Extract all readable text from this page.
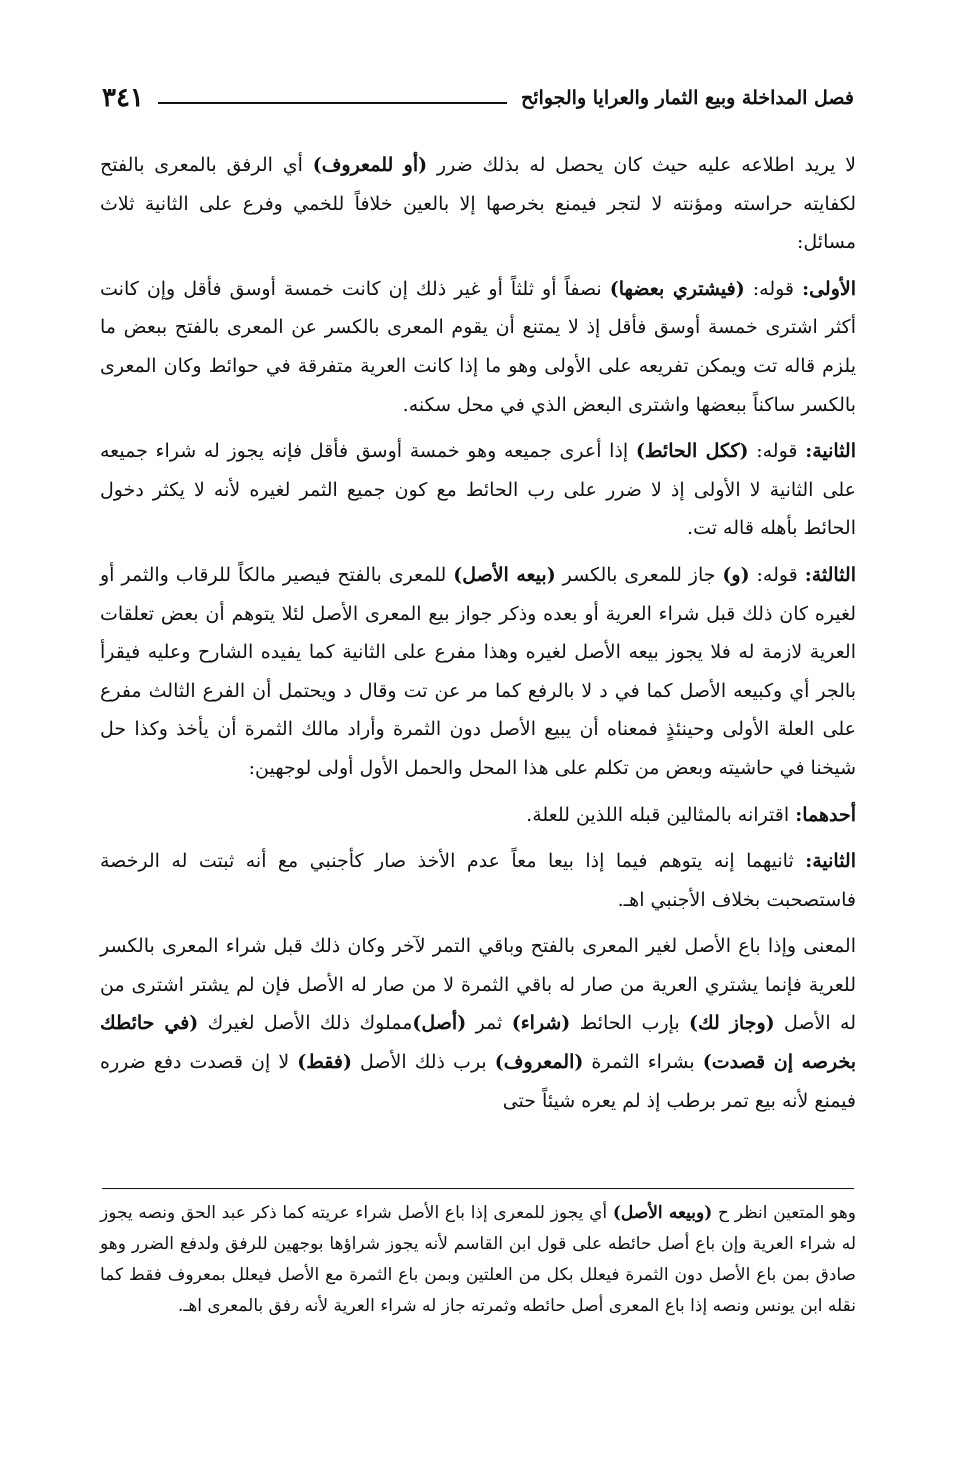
فصل المداخلة وبيع الثمار والعرايا والجوائح
٣٤١

لا يريد اطلاعه عليه حيث كان يحصل له بذلك ضرر (أو للمعروف) أي الرفق بالمعرى بالفتح لكفايته حراسته ومؤنته لا لتجر فيمنع بخرصها إلا بالعين خلافاً للخمي وفرع على الثانية ثلاث مسائل:

الأولى: قوله: (فيشتري بعضها) نصفاً أو ثلثاً أو غير ذلك إن كانت خمسة أوسق فأقل وإن كانت أكثر اشترى خمسة أوسق فأقل إذ لا يمتنع أن يقوم المعرى بالكسر عن المعرى بالفتح ببعض ما يلزم قاله تت ويمكن تفريعه على الأولى وهو ما إذا كانت العرية متفرقة في حوائط وكان المعرى بالكسر ساكناً ببعضها واشترى البعض الذي في محل سكنه.

الثانية: قوله: (ككل الحائط) إذا أعرى جميعه وهو خمسة أوسق فأقل فإنه يجوز له شراء جميعه على الثانية لا الأولى إذ لا ضرر على رب الحائط مع كون جميع الثمر لغيره لأنه لا يكثر دخول الحائط بأهله قاله تت.

الثالثة: قوله: (و) جاز للمعرى بالكسر (بيعه الأصل) للمعرى بالفتح فيصير مالكاً للرقاب والثمر أو لغيره كان ذلك قبل شراء العرية أو بعده وذكر جواز بيع المعرى الأصل لئلا يتوهم أن بعض تعلقات العرية لازمة له فلا يجوز بيعه الأصل لغيره وهذا مفرع على الثانية كما يفيده الشارح وعليه فيقرأ بالجر أي وكبيعه الأصل كما في د لا بالرفع كما مر عن تت وقال د ويحتمل أن الفرع الثالث مفرع على العلة الأولى وحينئذٍ فمعناه أن يبيع الأصل دون الثمرة وأراد مالك الثمرة أن يأخذ وكذا حل شيخنا في حاشيته وبعض من تكلم على هذا المحل والحمل الأول أولى لوجهين:

أحدهما: اقترانه بالمثالين قبله اللذين للعلة.

الثانية: ثانيهما إنه يتوهم فيما إذا بيعا معاً عدم الأخذ صار كأجنبي مع أنه ثبتت له الرخصة فاستصحبت بخلاف الأجنبي اهـ.

المعنى وإذا باع الأصل لغير المعرى بالفتح وباقي التمر لآخر وكان ذلك قبل شراء المعرى بالكسر للعرية فإنما يشتري العرية من صار له باقي الثمرة لا من صار له الأصل فإن لم يشتر اشترى من له الأصل (وجاز لك) بإرب الحائط (شراء) ثمر (أصل)مملوك ذلك الأصل لغيرك (في حائطك بخرصه إن قصدت) بشراء الثمرة (المعروف) برب ذلك الأصل (فقط) لا إن قصدت دفع ضرره فيمنع لأنه بيع تمر برطب إذ لم يعره شيئاً حتى

وهو المتعين انظر ح (وبيعه الأصل) أي يجوز للمعرى إذا باع الأصل شراء عريته كما ذكر عبد الحق ونصه يجوز له شراء العرية وإن باع أصل حائطه على قول ابن القاسم لأنه يجوز شراؤها بوجهين للرفق ولدفع الضرر وهو صادق بمن باع الأصل دون الثمرة فيعلل بكل من العلتين وبمن باع الثمرة مع الأصل فيعلل بمعروف فقط كما نقله ابن يونس ونصه إذا باع المعرى أصل حائطه وثمرته جاز له شراء العرية لأنه رفق بالمعرى اهـ.
